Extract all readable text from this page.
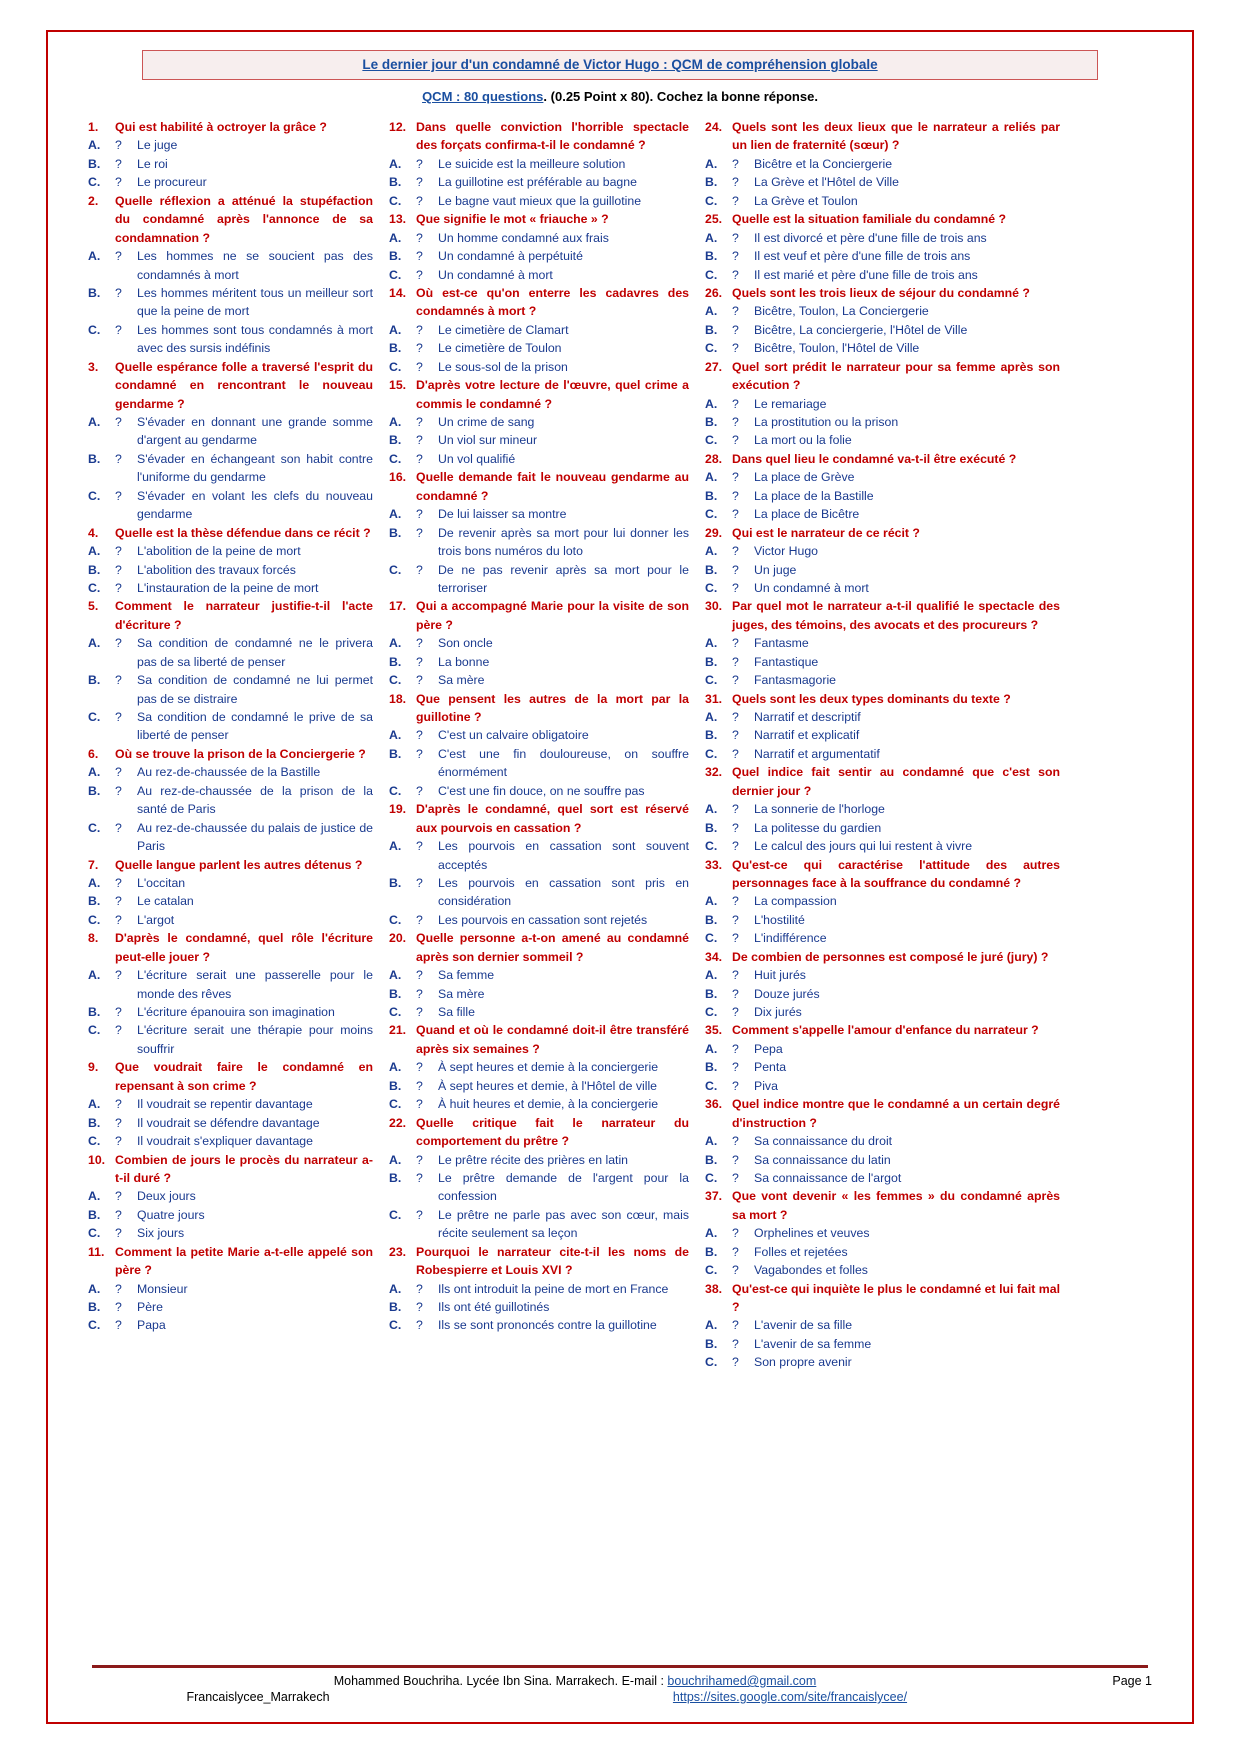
Le dernier jour d'un condamné de Victor Hugo : QCM de compréhension globale
QCM : 80 questions. (0.25 Point x 80). Cochez la bonne réponse.
1.	Qui est habilité à octroyer la grâce ?
A.	?	Le juge
B.	?	Le roi
C.	?	Le procureur
2.	Quelle réflexion a atténué la stupéfaction du condamné après l'annonce de sa condamnation ?
A.	?	Les hommes ne se soucient pas des condamnés à mort
B.	?	Les hommes méritent tous un meilleur sort que la peine de mort
C.	?	Les hommes sont tous condamnés à mort avec des sursis indéfinis
3.	Quelle espérance folle a traversé l'esprit du condamné en rencontrant le nouveau gendarme ?
A.	?	S'évader en donnant une grande somme d'argent au gendarme
B.	?	S'évader en échangeant son habit contre l'uniforme du gendarme
C.	?	S'évader en volant les clefs du nouveau gendarme
4.	Quelle est la thèse défendue dans ce récit ?
A.	?	L'abolition de la peine de mort
B.	?	L'abolition des travaux forcés
C.	?	L'instauration de la peine de mort
5.	Comment le narrateur justifie-t-il l'acte d'écriture ?
A.	?	Sa condition de condamné ne le privera pas de sa liberté de penser
B.	?	Sa condition de condamné ne lui permet pas de se distraire
C.	?	Sa condition de condamné le prive de sa liberté de penser
6.	Où se trouve la prison de la Conciergerie ?
A.	?	Au rez-de-chaussée de la Bastille
B.	?	Au rez-de-chaussée de la prison de la santé de Paris
C.	?	Au rez-de-chaussée du palais de justice de Paris
7.	Quelle langue parlent les autres détenus ?
A.	?	L'occitan
B.	?	Le catalan
C.	?	L'argot
8.	D'après le condamné, quel rôle l'écriture peut-elle jouer ?
A.	?	L'écriture serait une passerelle pour le monde des rêves
B.	?	L'écriture épanouira son imagination
C.	?	L'écriture serait une thérapie pour moins souffrir
9.	Que voudrait faire le condamné en repensant à son crime ?
A.	?	Il voudrait se repentir davantage
B.	?	Il voudrait se défendre davantage
C.	?	Il voudrait s'expliquer davantage
10. Combien de jours le procès du narrateur a-t-il duré ?
A.	?	Deux jours
B.	?	Quatre jours
C.	?	Six jours
11. Comment la petite Marie a-t-elle appelé son père ?
A.	?	Monsieur
B.	?	Père
C.	?	Papa
12. Dans quelle conviction l'horrible spectacle des forçats confirma-t-il le condamné ?
A.	?	Le suicide est la meilleure solution
B.	?	La guillotine est préférable au bagne
C.	?	Le bagne vaut mieux que la guillotine
13. Que signifie le mot « friauche » ?
A.	?	Un homme condamné aux frais
B.	?	Un condamné à perpétuité
C.	?	Un condamné à mort
14. Où est-ce qu'on enterre les cadavres des condamnés à mort ?
A.	?	Le cimetière de Clamart
B.	?	Le cimetière de Toulon
C.	?	Le sous-sol de la prison
15. D'après votre lecture de l'œuvre, quel crime a commis le condamné ?
A.	?	Un crime de sang
B.	?	Un viol sur mineur
C.	?	Un vol qualifié
16. Quelle demande fait le nouveau gendarme au condamné ?
A.	?	De lui laisser sa montre
B.	?	De revenir après sa mort pour lui donner les trois bons numéros du loto
C.	?	De ne pas revenir après sa mort pour le terroriser
17. Qui a accompagné Marie pour la visite de son père ?
A.	?	Son oncle
B.	?	La bonne
C.	?	Sa mère
18. Que pensent les autres de la mort par la guillotine ?
A.	?	C'est un calvaire obligatoire
B.	?	C'est une fin douloureuse, on souffre énormément
C.	?	C'est une fin douce, on ne souffre pas
19. D'après le condamné, quel sort est réservé aux pourvois en cassation ?
A.	?	Les pourvois en cassation sont souvent acceptés
B.	?	Les pourvois en cassation sont pris en considération
C.	?	Les pourvois en cassation sont rejetés
20. Quelle personne a-t-on amené au condamné après son dernier sommeil ?
A.	?	Sa femme
B.	?	Sa mère
C.	?	Sa fille
21. Quand et où le condamné doit-il être transféré après six semaines ?
A.	?	À sept heures et demie à la conciergerie
B.	?	À sept heures et demie, à l'Hôtel de ville
C.	?	À huit heures et demie, à la conciergerie
22. Quelle critique fait le narrateur du comportement du prêtre ?
A.	?	Le prêtre récite des prières en latin
B.	?	Le prêtre demande de l'argent pour la confession
C.	?	Le prêtre ne parle pas avec son cœur, mais récite seulement sa leçon
23. Pourquoi le narrateur cite-t-il les noms de Robespierre et Louis XVI ?
A.	?	Ils ont introduit la peine de mort en France
B.	?	Ils ont été guillotinés
C.	?	Ils se sont prononcés contre la guillotine
24. Quels sont les deux lieux que le narrateur a reliés par un lien de fraternité (sœur) ?
A.	?	Bicêtre et la Conciergerie
B.	?	La Grève et l'Hôtel de Ville
C.	?	La Grève et Toulon
25. Quelle est la situation familiale du condamné ?
A.	?	Il est divorcé et père d'une fille de trois ans
B.	?	Il est veuf et père d'une fille de trois ans
C.	?	Il est marié et père d'une fille de trois ans
26. Quels sont les trois lieux de séjour du condamné ?
A.	?	Bicêtre, Toulon, La Conciergerie
B.	?	Bicêtre, La conciergerie, l'Hôtel de Ville
C.	?	Bicêtre, Toulon, l'Hôtel de Ville
27. Quel sort prédit le narrateur pour sa femme après son exécution ?
A.	?	Le remariage
B.	?	La prostitution ou la prison
C.	?	La mort ou la folie
28. Dans quel lieu le condamné va-t-il être exécuté ?
A.	?	La place de Grève
B.	?	La place de la Bastille
C.	?	La place de Bicêtre
29. Qui est le narrateur de ce récit ?
A.	?	Victor Hugo
B.	?	Un juge
C.	?	Un condamné à mort
30. Par quel mot le narrateur a-t-il qualifié le spectacle des juges, des témoins, des avocats et des procureurs ?
A.	?	Fantasme
B.	?	Fantastique
C.	?	Fantasmagorie
31. Quels sont les deux types dominants du texte ?
A.	?	Narratif et descriptif
B.	?	Narratif et explicatif
C.	?	Narratif et argumentatif
32. Quel indice fait sentir au condamné que c'est son dernier jour ?
A.	?	La sonnerie de l'horloge
B.	?	La politesse du gardien
C.	?	Le calcul des jours qui lui restent à vivre
33. Qu'est-ce qui caractérise l'attitude des autres personnages face à la souffrance du condamné ?
A.	?	La compassion
B.	?	L'hostilité
C.	?	L'indifférence
34. De combien de personnes est composé le juré (jury) ?
A.	?	Huit jurés
B.	?	Douze jurés
C.	?	Dix jurés
35. Comment s'appelle l'amour d'enfance du narrateur ?
A.	?	Pepa
B.	?	Penta
C.	?	Piva
36. Quel indice montre que le condamné a un certain degré d'instruction ?
A.	?	Sa connaissance du droit
B.	?	Sa connaissance du latin
C.	?	Sa connaissance de l'argot
37. Que vont devenir « les femmes » du condamné après sa mort ?
A.	?	Orphelines et veuves
B.	?	Folles et rejetées
C.	?	Vagabondes et folles
38. Qu'est-ce qui inquiète le plus le condamné et lui fait mal ?
A.	?	L'avenir de sa fille
B.	?	L'avenir de sa femme
C.	?	Son propre avenir
Mohammed Bouchriha. Lycée Ibn Sina. Marrakech. E-mail : bouchrihamed@gmail.com	Page 1
Francaislycee_Marrakech	https://sites.google.com/site/francaislycee/
